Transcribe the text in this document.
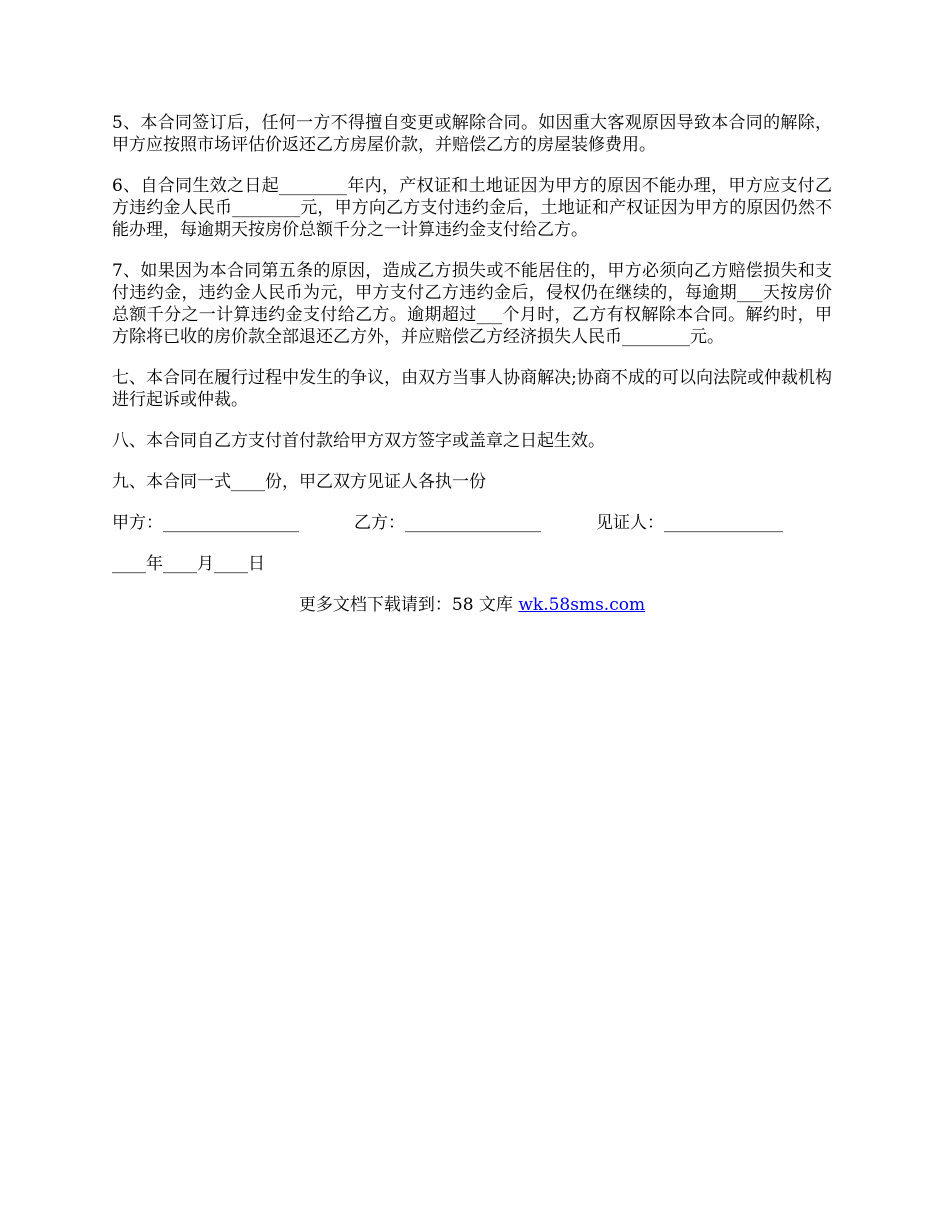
5、本合同签订后，任何一方不得擅自变更或解除合同。如因重大客观原因导致本合同的解除，甲方应按照市场评估价返还乙方房屋价款，并赔偿乙方的房屋装修费用。

6、自合同生效之日起________年内，产权证和土地证因为甲方的原因不能办理，甲方应支付乙方违约金人民币________元，甲方向乙方支付违约金后，土地证和产权证因为甲方的原因仍然不能办理，每逾期天按房价总额千分之一计算违约金支付给乙方。

7、如果因为本合同第五条的原因，造成乙方损失或不能居住的，甲方必须向乙方赔偿损失和支付违约金，违约金人民币为元，甲方支付乙方违约金后，侵权仍在继续的，每逾期___天按房价总额千分之一计算违约金支付给乙方。逾期超过___个月时，乙方有权解除本合同。解约时，甲方除将已收的房价款全部退还乙方外，并应赔偿乙方经济损失人民币________元。

七、本合同在履行过程中发生的争议，由双方当事人协商解决;协商不成的可以向法院或仲裁机构进行起诉或仲裁。

八、本合同自乙方支付首付款给甲方双方签字或盖章之日起生效。

九、本合同一式____份，甲乙双方见证人各执一份

甲方：________________	乙方：________________	见证人：______________
____年____月____日
更多文档下载请到：58 文库 wk.58sms.com
